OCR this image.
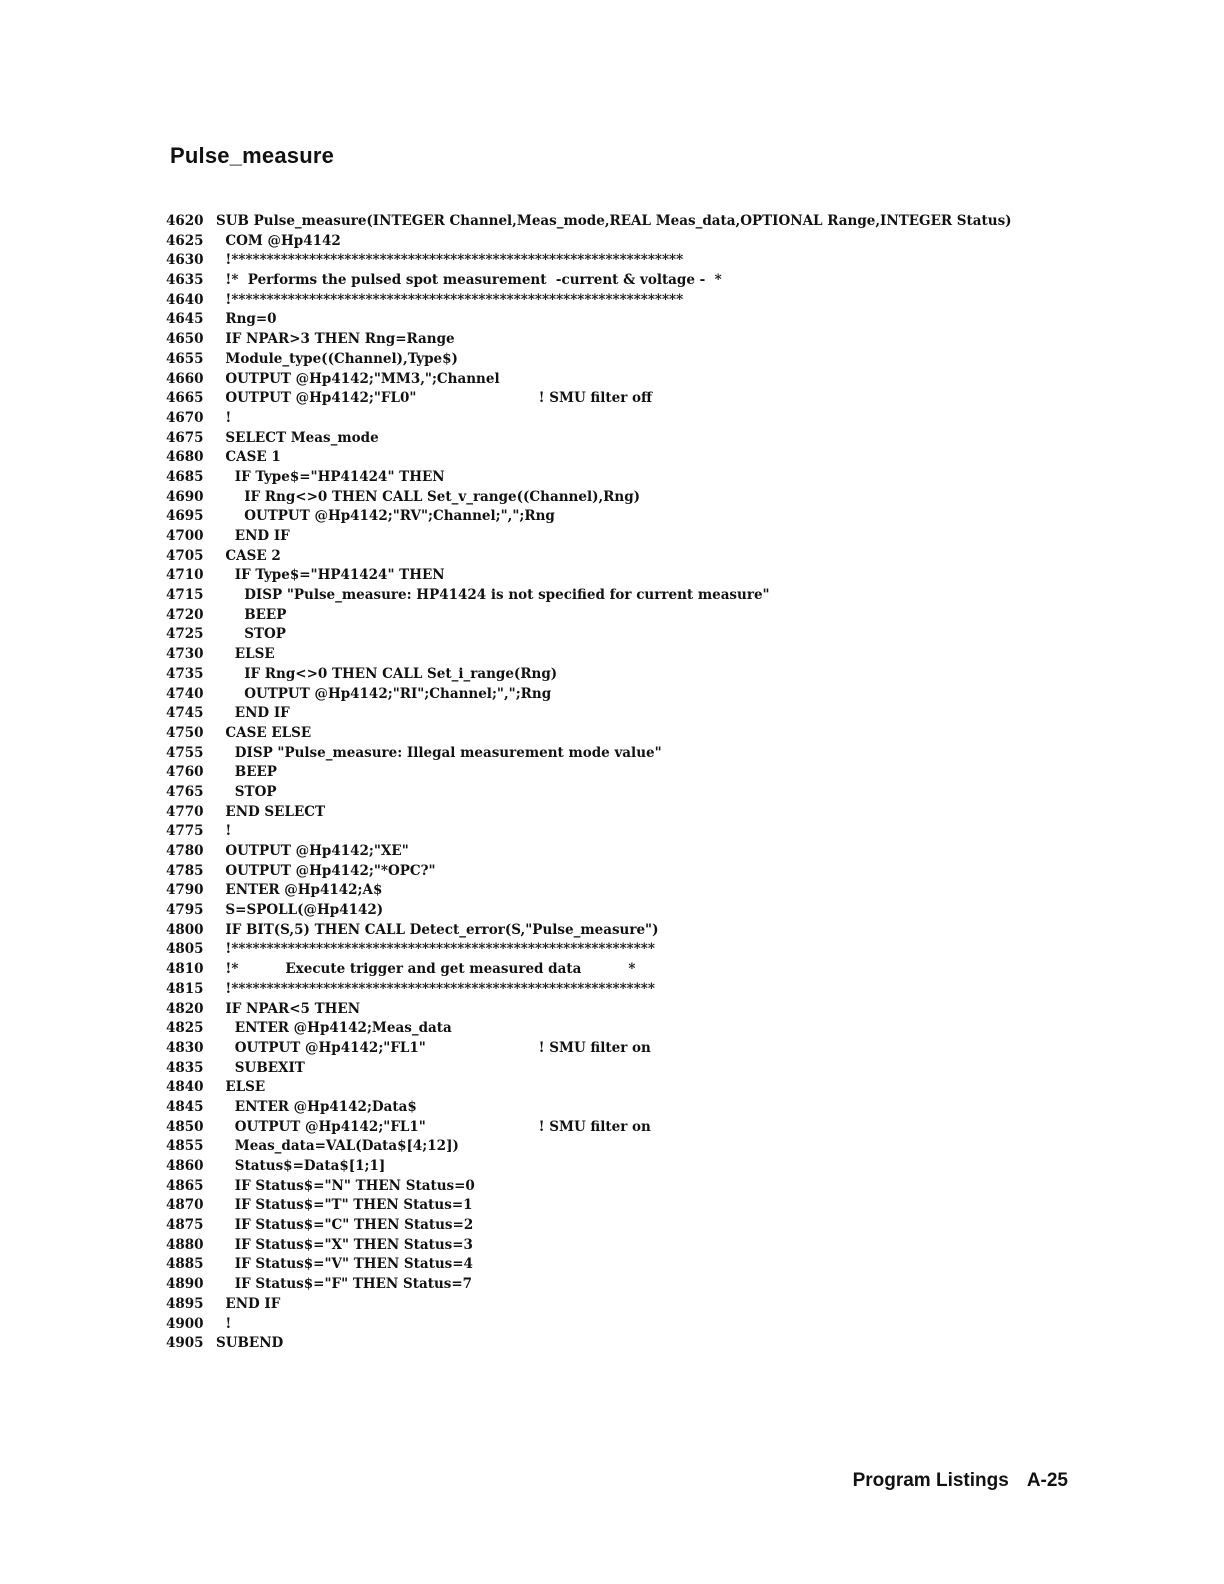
Pulse_measure
4620 SUB Pulse_measure(INTEGER Channel,Meas_mode,REAL Meas_data,OPTIONAL Range,INTEGER Status)
4625 COM @Hp4142
4630 !****************************************************************
4635 !*  Performs the pulsed spot measurement  -current & voltage -  *
4640 !****************************************************************
4645 Rng=0
4650 IF NPAR>3 THEN Rng=Range
4655 Module_type((Channel),Type$)
4660 OUTPUT @Hp4142;"MM3,";Channel
4665 OUTPUT @Hp4142;"FL0"                          ! SMU filter off
4670 !
4675 SELECT Meas_mode
4680 CASE 1
4685 IF Type$="HP41424" THEN
4690 IF Rng<>0 THEN CALL Set_v_range((Channel),Rng)
4695 OUTPUT @Hp4142;"RV";Channel;",";Rng
4700 END IF
4705 CASE 2
4710 IF Type$="HP41424" THEN
4715 DISP "Pulse_measure: HP41424 is not specified for current measure"
4720 BEEP
4725 STOP
4730 ELSE
4735 IF Rng<>0 THEN CALL Set_i_range(Rng)
4740 OUTPUT @Hp4142;"RI";Channel;",";Rng
4745 END IF
4750 CASE ELSE
4755 DISP "Pulse_measure: Illegal measurement mode value"
4760 BEEP
4765 STOP
4770 END SELECT
4775 !
4780 OUTPUT @Hp4142;"XE"
4785 OUTPUT @Hp4142;"*OPC?"
4790 ENTER @Hp4142;A$
4795 S=SPOLL(@Hp4142)
4800 IF BIT(S,5) THEN CALL Detect_error(S,"Pulse_measure")
4805 !************************************************************
4810 !*          Execute trigger and get measured data          *
4815 !************************************************************
4820 IF NPAR<5 THEN
4825 ENTER @Hp4142;Meas_data
4830 OUTPUT @Hp4142;"FL1"                        ! SMU filter on
4835 SUBEXIT
4840 ELSE
4845 ENTER @Hp4142;Data$
4850 OUTPUT @Hp4142;"FL1"                        ! SMU filter on
4855 Meas_data=VAL(Data$[4;12])
4860 Status$=Data$[1;1]
4865 IF Status$="N" THEN Status=0
4870 IF Status$="T" THEN Status=1
4875 IF Status$="C" THEN Status=2
4880 IF Status$="X" THEN Status=3
4885 IF Status$="V" THEN Status=4
4890 IF Status$="F" THEN Status=7
4895 END IF
4900 !
4905 SUBEND
Program Listings A-25
